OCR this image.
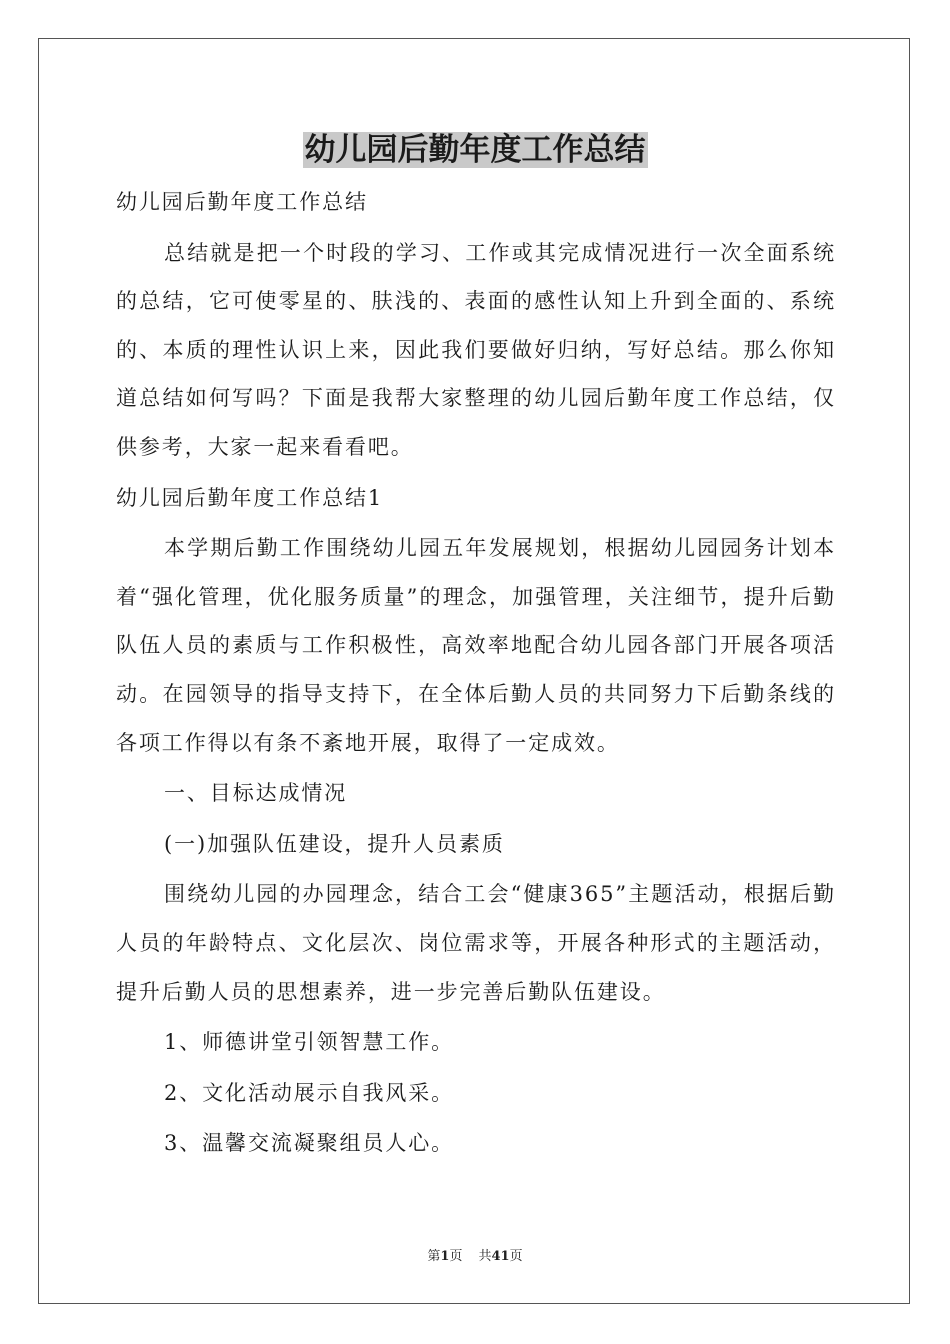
幼儿园后勤年度工作总结

幼儿园后勤年度工作总结

总结就是把一个时段的学习、工作或其完成情况进行一次全面系统的总结，它可使零星的、肤浅的、表面的感性认知上升到全面的、系统的、本质的理性认识上来，因此我们要做好归纳，写好总结。那么你知道总结如何写吗？下面是我帮大家整理的幼儿园后勤年度工作总结，仅供参考，大家一起来看看吧。

幼儿园后勤年度工作总结1

本学期后勤工作围绕幼儿园五年发展规划，根据幼儿园园务计划本着“强化管理，优化服务质量”的理念，加强管理，关注细节，提升后勤队伍人员的素质与工作积极性，高效率地配合幼儿园各部门开展各项活动。在园领导的指导支持下，在全体后勤人员的共同努力下后勤条线的各项工作得以有条不紊地开展，取得了一定成效。

一、目标达成情况

(一)加强队伍建设，提升人员素质

围绕幼儿园的办园理念，结合工会“健康365”主题活动，根据后勤人员的年龄特点、文化层次、岗位需求等，开展各种形式的主题活动，提升后勤人员的思想素养，进一步完善后勤队伍建设。

1、师德讲堂引领智慧工作。

2、文化活动展示自我风采。

3、温馨交流凝聚组员人心。

第1页 共41页
